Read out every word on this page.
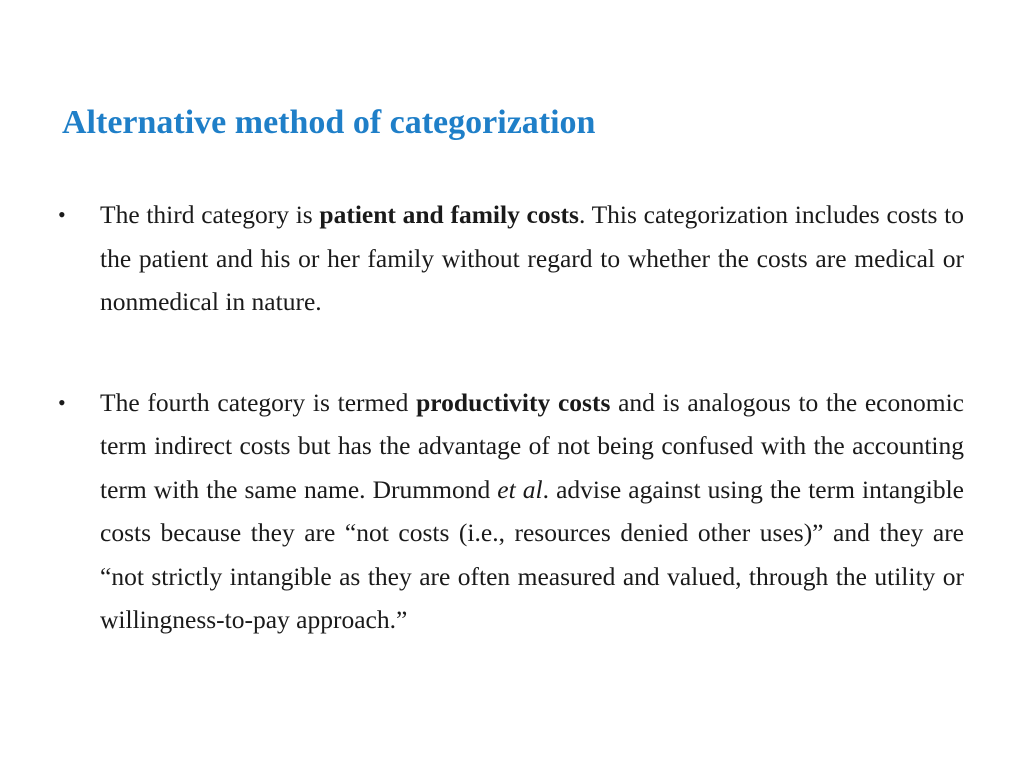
Alternative method of categorization
• The third category is patient and family costs. This categorization includes costs to the patient and his or her family without regard to whether the costs are medical or nonmedical in nature.
• The fourth category is termed productivity costs and is analogous to the economic term indirect costs but has the advantage of not being confused with the accounting term with the same name. Drummond et al. advise against using the term intangible costs because they are “not costs (i.e., resources denied other uses)” and they are “not strictly intangible as they are often measured and valued, through the utility or willingness-to-pay approach.”
